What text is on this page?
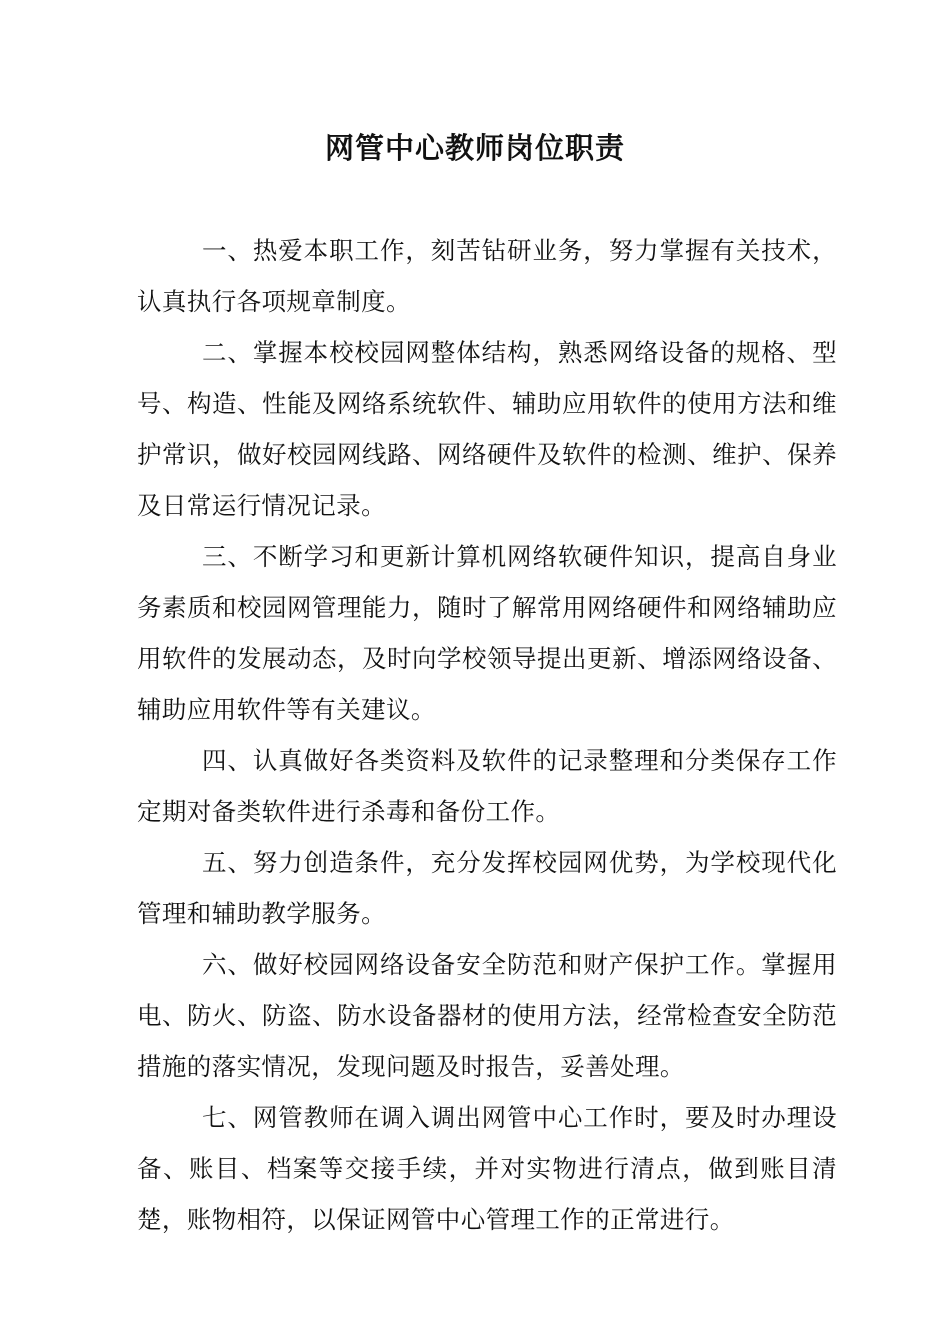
网管中心教师岗位职责

一、热爱本职工作，刻苦钻研业务，努力掌握有关技术，认真执行各项规章制度。

二、掌握本校校园网整体结构，熟悉网络设备的规格、型号、构造、性能及网络系统软件、辅助应用软件的使用方法和维护常识，做好校园网线路、网络硬件及软件的检测、维护、保养及日常运行情况记录。

三、不断学习和更新计算机网络软硬件知识，提高自身业务素质和校园网管理能力，随时了解常用网络硬件和网络辅助应用软件的发展动态，及时向学校领导提出更新、增添网络设备、辅助应用软件等有关建议。

四、认真做好各类资料及软件的记录整理和分类保存工作定期对备类软件进行杀毒和备份工作。

五、努力创造条件，充分发挥校园网优势，为学校现代化管理和辅助教学服务。

六、做好校园网络设备安全防范和财产保护工作。掌握用电、防火、防盗、防水设备器材的使用方法，经常检查安全防范措施的落实情况，发现问题及时报告，妥善处理。

七、网管教师在调入调出网管中心工作时，要及时办理设备、账目、档案等交接手续，并对实物进行清点，做到账目清楚，账物相符，以保证网管中心管理工作的正常进行。
